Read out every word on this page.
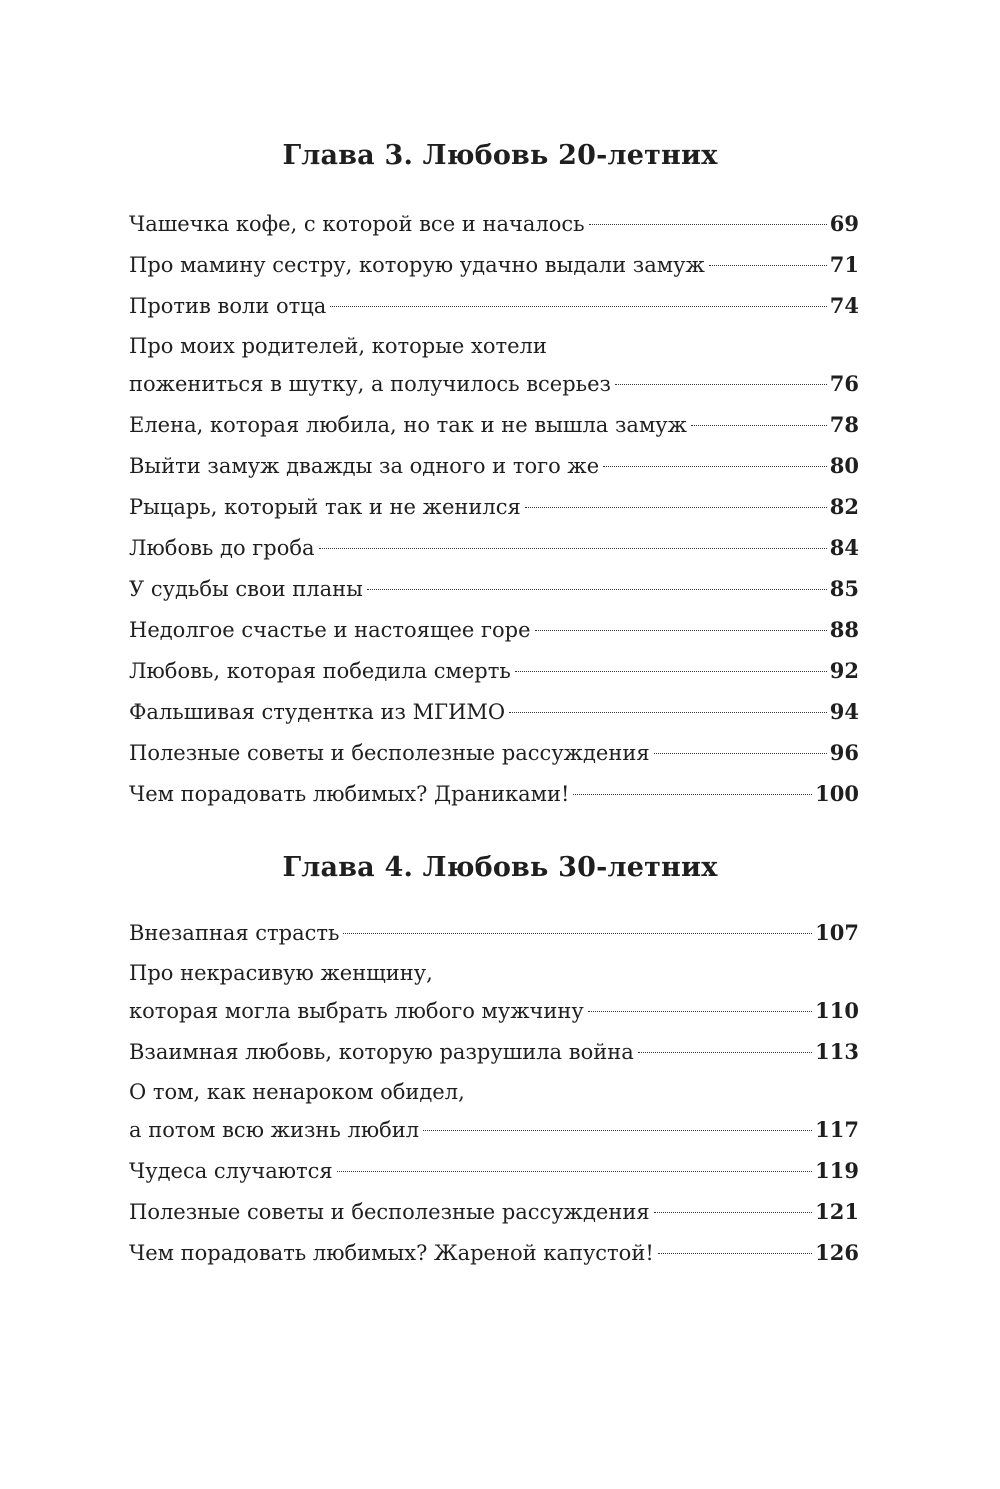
Глава 3. Любовь 20-летних
Чашечка кофе, с которой все и началось	69
Про мамину сестру, которую удачно выдали замуж	71
Против воли отца	74
Про моих родителей, которые хотели
пожениться в шутку, а получилось всерьез	76
Елена, которая любила, но так и не вышла замуж	78
Выйти замуж дважды за одного и того же	80
Рыцарь, который так и не женился	82
Любовь до гроба	84
У судьбы свои планы	85
Недолгое счастье и настоящее горе	88
Любовь, которая победила смерть	92
Фальшивая студентка из МГИМО	94
Полезные советы и бесполезные рассуждения	96
Чем порадовать любимых? Драниками!	100
Глава 4. Любовь 30-летних
Внезапная страсть	107
Про некрасивую женщину,
которая могла выбрать любого мужчину	110
Взаимная любовь, которую разрушила война	113
О том, как ненароком обидел,
а потом всю жизнь любил	117
Чудеса случаются	119
Полезные советы и бесполезные рассуждения	121
Чем порадовать любимых? Жареной капустой!	126
